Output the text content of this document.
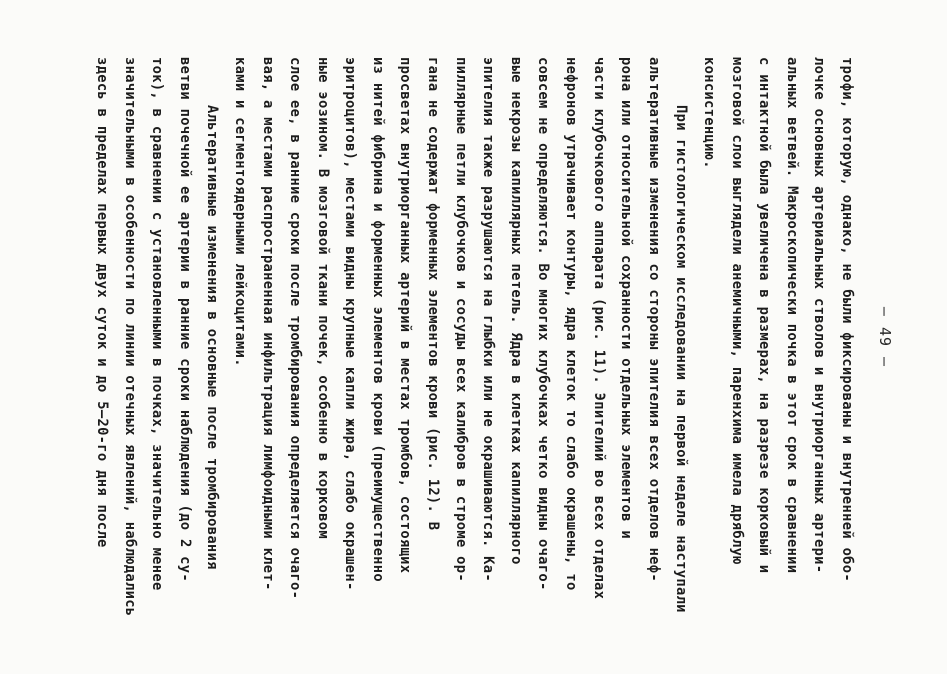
— 49 —
трофи, которую, однако, не были фиксированы и внутренней обо-
лочке основных артериальных стволов и внутриорганных артери-
альных ветвей. Макроскопически почка в этот срок в сравнении
с интактной была увеличена в размерах, на разрезе корковый и
мозговой слои выглядели анемичными, паренхима имела дряблую
консистенцию.
При гистологическом исследовании на первой неделе наступали
альтеративные изменения со стороны эпителия всех отделов неф-
рона или относительной сохранности отдельных элементов и
части клубочкового аппарата (рис. 11). Эпителий во всех отделах
нефронов утрачивает контуры, ядра клеток то слабо окрашены, то
совсем не определяются. Во многих клубочках четко видны очаго-
вые некрозы капиллярных петель. Ядра в клетках капиллярного
эпителия также разрушаются на глыбки или не окрашиваются. Ка-
пиллярные петли клубочков и сосуды всех калибров в строме ор-
гана не содержат форменных элементов крови (рис. 12). В
просветах внутриорганных артерий в местах тромбов, состоящих
из нитей фибрина и форменных элементов крови (преимущественно
эритроцитов), местами видны крупные капли жира, слабо окрашен-
ные эозином. В мозговой ткани почек, особенно в корковом
слое ее, в ранние сроки после тромбирования определяется очаго-
вая, а местами распространенная инфильтрация лимфоидными клет-
ками и сегментоядерными лейкоцитами.
Альтеративные изменения в основные после тромбирования
ветви почечной ее артерии в ранние сроки наблюдения (до 2 су-
ток), в сравнении с установленными в почках, значительно менее
значительными в особенности по линии отечных явлений, наблюдались
здесь в пределах первых двух суток и до 5–20-го дня после
